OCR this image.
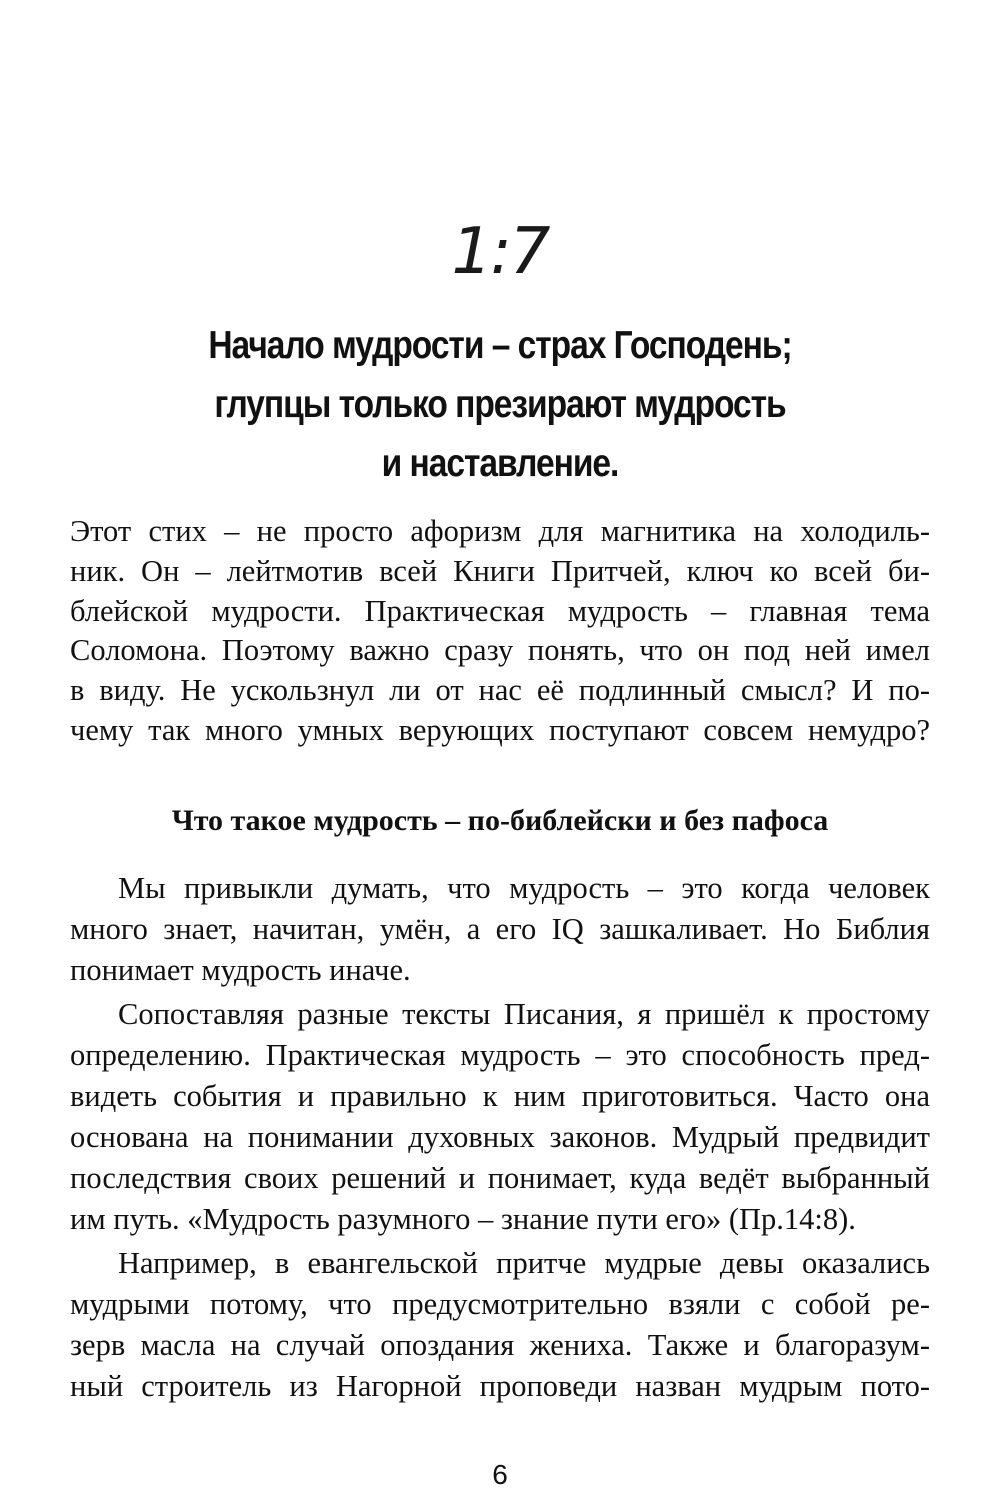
1:7
Начало мудрости – страх Господень;
глупцы только презирают мудрость
и наставление.
Этот стих – не просто афоризм для магнитика на холодиль-
ник. Он – лейтмотив всей Книги Притчей, ключ ко всей би-
блейской мудрости. Практическая мудрость – главная тема
Соломона. Поэтому важно сразу понять, что он под ней имел
в виду. Не ускользнул ли от нас её подлинный смысл? И по-
чему так много умных верующих поступают совсем немудро?
Что такое мудрость – по-библейски и без пафоса
Мы привыкли думать, что мудрость – это когда человек
много знает, начитан, умён, а его IQ зашкаливает. Но Библия
понимает мудрость иначе.
Сопоставляя разные тексты Писания, я пришёл к простому
определению. Практическая мудрость – это способность пред-
видеть события и правильно к ним приготовиться. Часто она
основана на понимании духовных законов. Мудрый предвидит
последствия своих решений и понимает, куда ведёт выбранный
им путь. «Мудрость разумного – знание пути его» (Пр.14:8).
Например, в евангельской притче мудрые девы оказались
мудрыми потому, что предусмотрительно взяли с собой ре-
зерв масла на случай опоздания жениха. Также и благоразум-
ный строитель из Нагорной проповеди назван мудрым пото-
6
